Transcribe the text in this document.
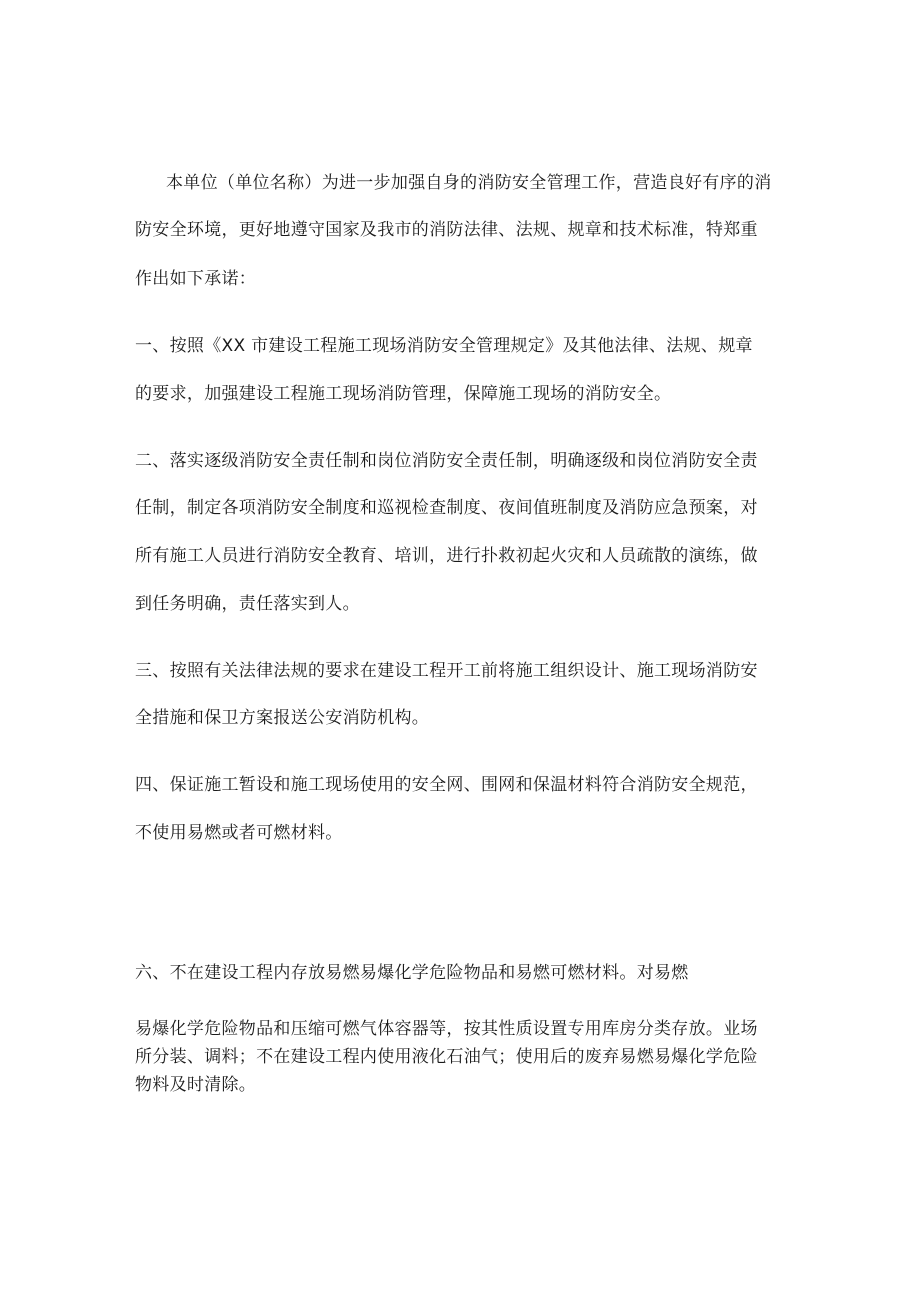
本单位（单位名称）为进一步加强自身的消防安全管理工作，营造良好有序的消

防安全环境，更好地遵守国家及我市的消防法律、法规、规章和技术标准，特郑重

作出如下承诺：

一、按照《XX 市建设工程施工现场消防安全管理规定》及其他法律、法规、规章

的要求，加强建设工程施工现场消防管理，保障施工现场的消防安全。

二、落实逐级消防安全责任制和岗位消防安全责任制，明确逐级和岗位消防安全责

任制，制定各项消防安全制度和巡视检查制度、夜间值班制度及消防应急预案，对

所有施工人员进行消防安全教育、培训，进行扑救初起火灾和人员疏散的演练，做

到任务明确，责任落实到人。

三、按照有关法律法规的要求在建设工程开工前将施工组织设计、施工现场消防安

全措施和保卫方案报送公安消防机构。

四、保证施工暂设和施工现场使用的安全网、围网和保温材料符合消防安全规范，

不使用易燃或者可燃材料。

六、不在建设工程内存放易燃易爆化学危险物品和易燃可燃材料。对易燃

易爆化学危险物品和压缩可燃气体容器等，按其性质设置专用库房分类存放。业场

所分装、调料；不在建设工程内使用液化石油气；使用后的废弃易燃易爆化学危险

物料及时清除。
